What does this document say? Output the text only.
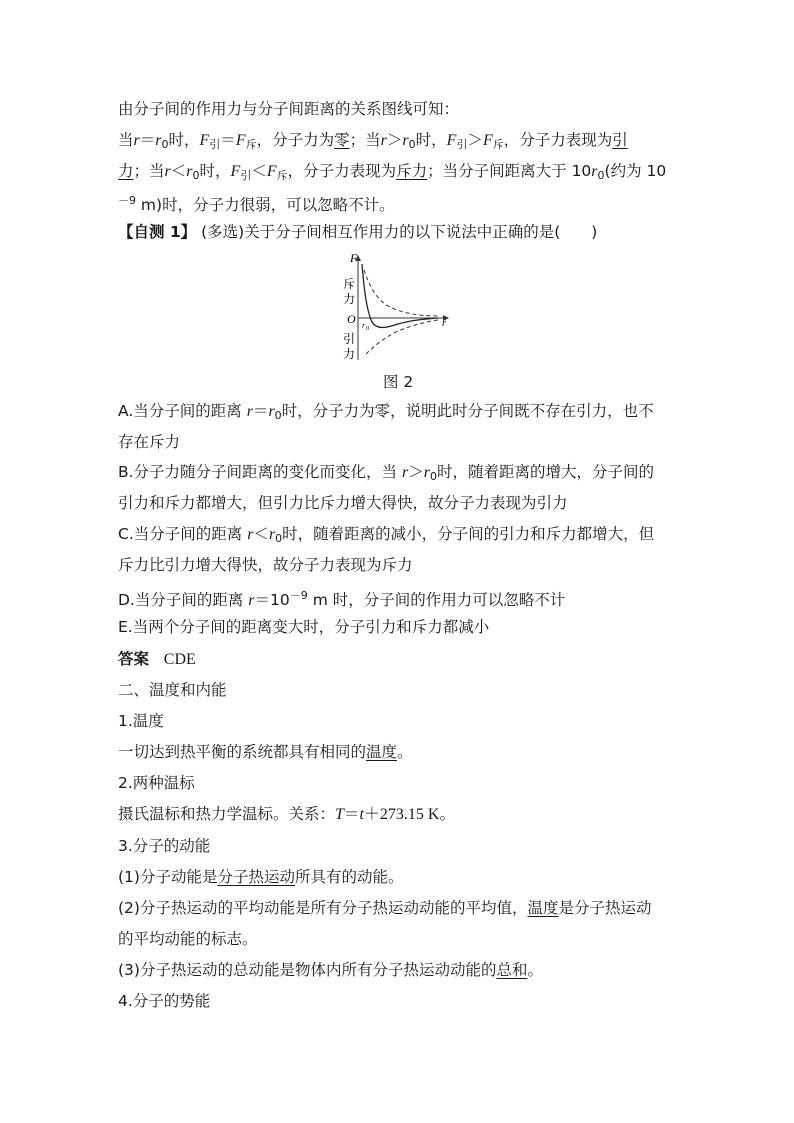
由分子间的作用力与分子间距离的关系图线可知：
当$r=r_0$时，$F_引=F_斥$，分子力为零；当$r>r_0$时，$F_引>F_斥$，分子力表现为引
力；当$r<r_0$时，$F_引<F_斥$，分子力表现为斥力；当分子间距离大于 $10r_0$(约为 10
$^{-9}$ m)时，分子力很弱，可以忽略不计。
【自测 1】 (多选)关于分子间相互作用力的以下说法中正确的是(　　)
F
斥
力
O
引
力
r 0	r
图 2
A.当分子间的距离 $r=r_0$时，分子力为零，说明此时分子间既不存在引力，也不
存在斥力
B.分子力随分子间距离的变化而变化，当 $r>r_0$时，随着距离的增大，分子间的
引力和斥力都增大，但引力比斥力增大得快，故分子力表现为引力
C.当分子间的距离 $r<r_0$时，随着距离的减小，分子间的引力和斥力都增大，但
斥力比引力增大得快，故分子力表现为斥力
D.当分子间的距离 $r=10^{-9}$ m 时，分子间的作用力可以忽略不计
E.当两个分子间的距离变大时，分子引力和斥力都减小
答案 CDE
二、温度和内能
1.温度
一切达到热平衡的系统都具有相同的温度。
2.两种温标
摄氏温标和热力学温标。关系：T＝t＋273.15 K。
3.分子的动能
(1)分子动能是分子热运动所具有的动能。
(2)分子热运动的平均动能是所有分子热运动动能的平均值，温度是分子热运动
的平均动能的标志。
(3)分子热运动的总动能是物体内所有分子热运动动能的总和。
4.分子的势能
